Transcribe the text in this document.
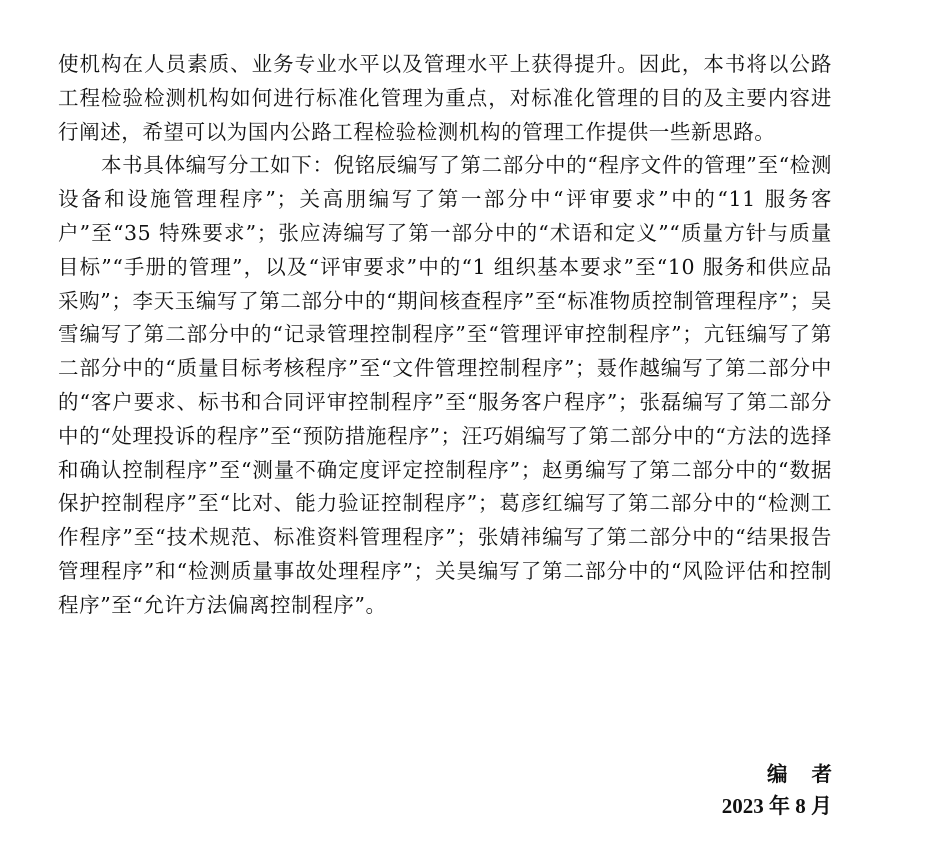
使机构在人员素质、业务专业水平以及管理水平上获得提升。因此，本书将以公路工程检验检测机构如何进行标准化管理为重点，对标准化管理的目的及主要内容进行阐述，希望可以为国内公路工程检验检测机构的管理工作提供一些新思路。

本书具体编写分工如下：倪铭辰编写了第二部分中的“程序文件的管理”至“检测设备和设施管理程序”；关高朋编写了第一部分中“评审要求”中的“11 服务客户”至“35 特殊要求”；张应涛编写了第一部分中的“术语和定义”“质量方针与质量目标”“手册的管理”，以及“评审要求”中的“1 组织基本要求”至“10 服务和供应品采购”；李天玉编写了第二部分中的“期间核查程序”至“标准物质控制管理程序”；吴雪编写了第二部分中的“记录管理控制程序”至“管理评审控制程序”；亢钰编写了第二部分中的“质量目标考核程序”至“文件管理控制程序”；聂作越编写了第二部分中的“客户要求、标书和合同评审控制程序”至“服务客户程序”；张磊编写了第二部分中的“处理投诉的程序”至“预防措施程序”；汪巧娟编写了第二部分中的“方法的选择和确认控制程序”至“测量不确定度评定控制程序”；赵勇编写了第二部分中的“数据保护控制程序”至“比对、能力验证控制程序”；葛彦红编写了第二部分中的“检测工作程序”至“技术规范、标准资料管理程序”；张婧祎编写了第二部分中的“结果报告管理程序”和“检测质量事故处理程序”；关昊编写了第二部分中的“风险评估和控制程序”至“允许方法偏离控制程序”。

编者
2023 年 8 月
